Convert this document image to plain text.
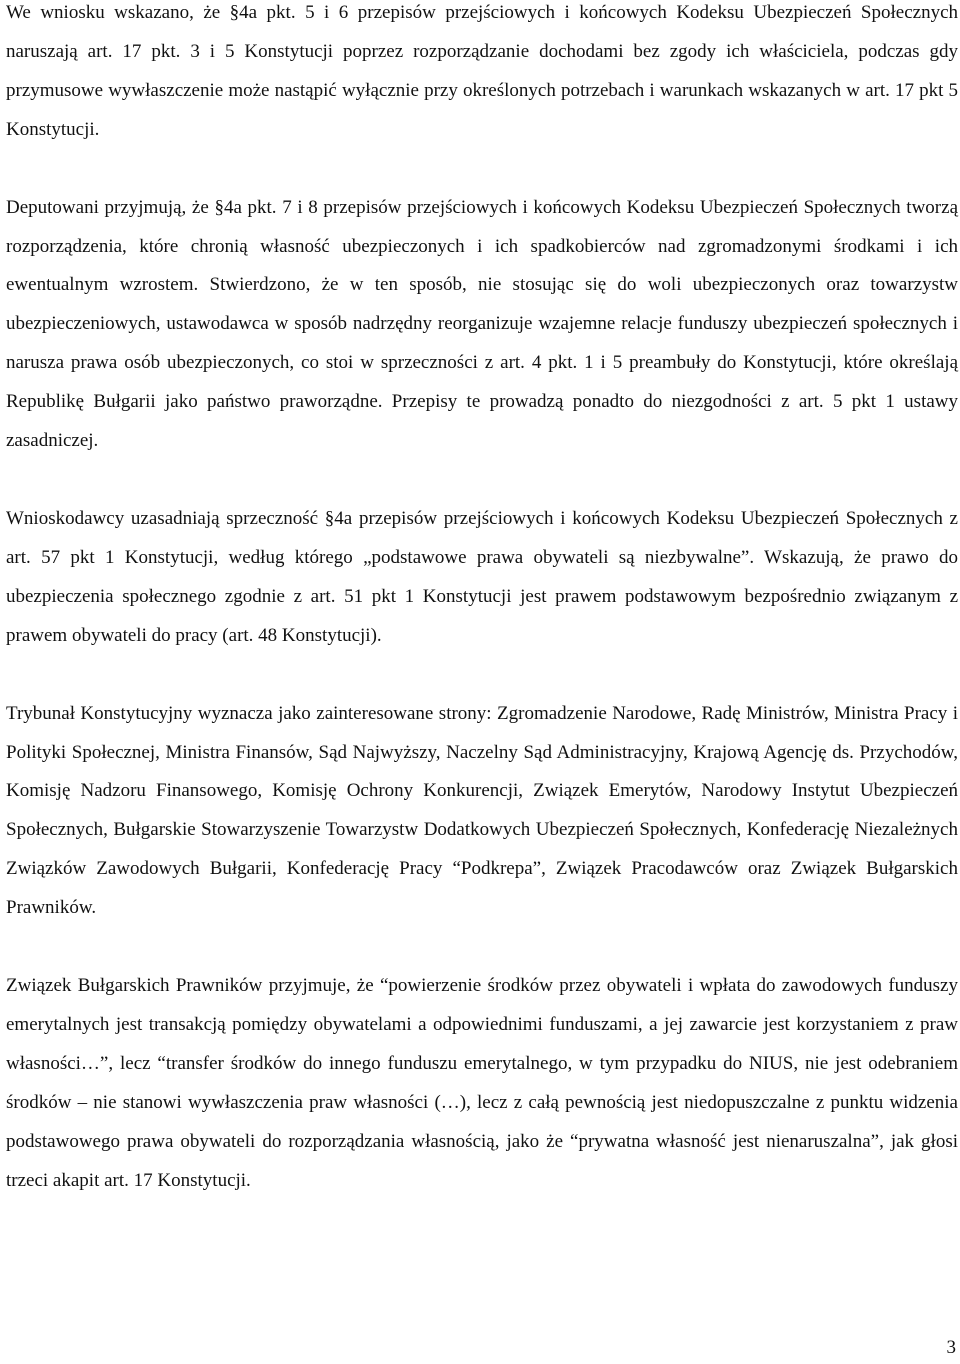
We wniosku wskazano, że §4a pkt. 5 i 6 przepisów przejściowych i końcowych Kodeksu Ubezpieczeń Społecznych naruszają art. 17 pkt. 3 i 5 Konstytucji poprzez rozporządzanie dochodami bez zgody ich właściciela, podczas gdy przymusowe wywłaszczenie może nastąpić wyłącznie przy określonych potrzebach i warunkach wskazanych w art. 17 pkt 5 Konstytucji.

Deputowani przyjmują, że §4a pkt. 7 i 8 przepisów przejściowych i końcowych Kodeksu Ubezpieczeń Społecznych tworzą rozporządzenia, które chronią własność ubezpieczonych i ich spadkobierców nad zgromadzonymi środkami i ich ewentualnym wzrostem. Stwierdzono, że w ten sposób, nie stosując się do woli ubezpieczonych oraz towarzystw ubezpieczeniowych, ustawodawca w sposób nadrzędny reorganizuje wzajemne relacje funduszy ubezpieczeń społecznych i narusza prawa osób ubezpieczonych, co stoi w sprzeczności z art. 4 pkt. 1 i 5 preambuły do Konstytucji, które określają Republikę Bułgarii jako państwo praworządne. Przepisy te prowadzą ponadto do niezgodności z art. 5 pkt 1 ustawy zasadniczej.

Wnioskodawcy uzasadniają sprzeczność §4a przepisów przejściowych i końcowych Kodeksu Ubezpieczeń Społecznych z art. 57 pkt 1 Konstytucji, według którego „podstawowe prawa obywateli są niezbywalne”. Wskazują, że prawo do ubezpieczenia społecznego zgodnie z art. 51 pkt 1 Konstytucji jest prawem podstawowym bezpośrednio związanym z prawem obywateli do pracy (art. 48 Konstytucji).

Trybunał Konstytucyjny wyznacza jako zainteresowane strony: Zgromadzenie Narodowe, Radę Ministrów, Ministra Pracy i Polityki Społecznej, Ministra Finansów, Sąd Najwyższy, Naczelny Sąd Administracyjny, Krajową Agencję ds. Przychodów, Komisję Nadzoru Finansowego, Komisję Ochrony Konkurencji, Związek Emerytów, Narodowy Instytut Ubezpieczeń Społecznych, Bułgarskie Stowarzyszenie Towarzystw Dodatkowych Ubezpieczeń Społecznych, Konfederację Niezależnych Związków Zawodowych Bułgarii, Konfederację Pracy “Podkrepa”, Związek Pracodawców oraz Związek Bułgarskich Prawników.

Związek Bułgarskich Prawników przyjmuje, że “powierzenie środków przez obywateli i wpłata do zawodowych funduszy emerytalnych jest transakcją pomiędzy obywatelami a odpowiednimi funduszami, a jej zawarcie jest korzystaniem z praw własności…”, lecz “transfer środków do innego funduszu emerytalnego, w tym przypadku do NIUS, nie jest odebraniem środków – nie stanowi wywłaszczenia praw własności (…), lecz z całą pewnością jest niedopuszczalne z punktu widzenia podstawowego prawa obywateli do rozporządzania własnością, jako że “prywatna własność jest nienaruszalna”, jak głosi trzeci akapit art. 17 Konstytucji.

3
